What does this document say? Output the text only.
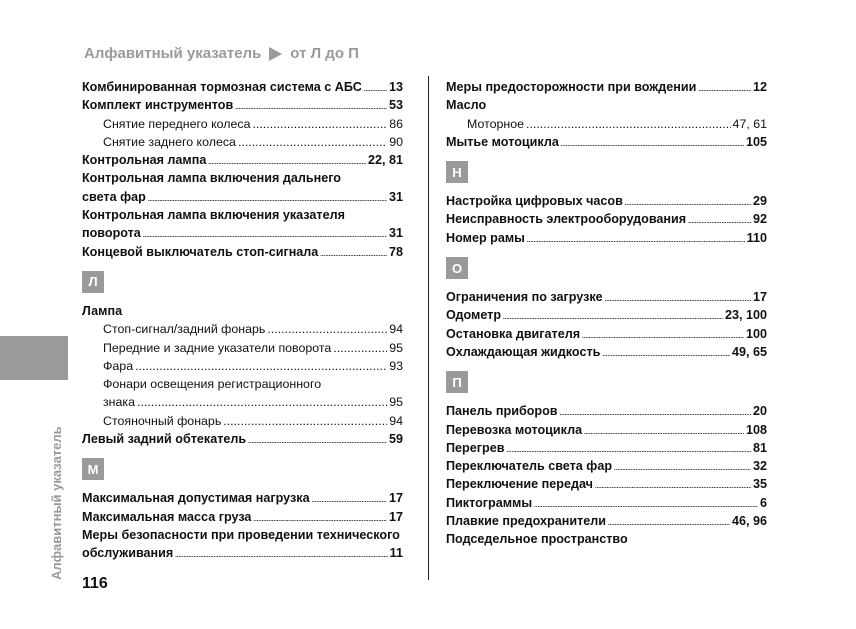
Алфавитный указатель от Л до П
Комбинированная тормозная система с АБС ..... 13
Комплект инструментов .....	53
Снятие переднего колеса .....	86
Снятие заднего колеса .....	90
Контрольная лампа .....	22, 81
Контрольная лампа включения дальнего
света фар .....	31
Контрольная лампа включения указателя
поворота .....	31
Концевой выключатель стоп-сигнала .....	78
Л
Лампа
Стоп-сигнал/задний фонарь .....	94
Передние и задние указатели поворота .....	95
Фара .....	93
Фонари освещения регистрационного
знака .....	95
Стояночный фонарь .....	94
Левый задний обтекатель .....	59
М
Максимальная допустимая нагрузка .....	17
Максимальная масса груза .....	17
Меры безопасности при проведении технического
обслуживания .....	11
Меры предосторожности при вождении .....	12
Масло
Моторное .....	47, 61
Мытье мотоцикла .....	105
Н
Настройка цифровых часов .....	29
Неисправность электрооборудования .....	92
Номер рамы .....	110
О
Ограничения по загрузке .....	17
Одометр .....	23, 100
Остановка двигателя .....	100
Охлаждающая жидкость .....	49, 65
П
Панель приборов .....	20
Перевозка мотоцикла .....	108
Перегрев .....	81
Переключатель света фар .....	32
Переключение передач .....	35
Пиктограммы .....	6
Плавкие предохранители .....	46, 96
Подседельное пространство
Алфавитный указатель
116
